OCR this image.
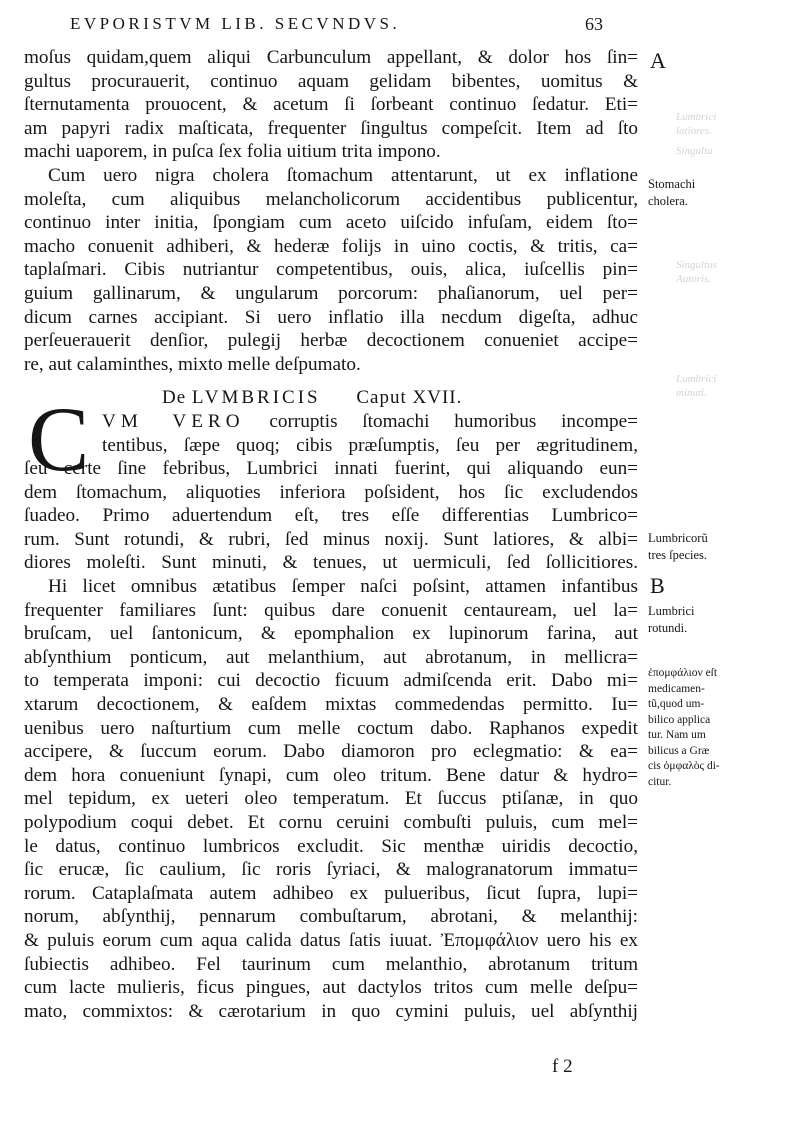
EVPORISTVM LIB. SECVNDVS.	63
A
Lumbrici
latiores.
Singulta
Singultus
Autoris.
Lumbrici
minuti.
Stomachi
cholera.
Lumbricorũ
tres ſpecies.
B
Lumbrici
rotundi.
ἐπομφάλιον eſt
medicamen-
tũ,quod um-
bilico applica
tur. Nam um
bilicus a Græ
cis ὀμφαλὸς di-
citur.
C
moſus quidam,quem aliqui Carbunculum appellant, & dolor hos ſin=
gultus procurauerit, continuo aquam gelidam bibentes, uomitus &
ſternutamenta prouocent, & acetum ſi ſorbeant continuo ſedatur. Eti=
am papyri radix maſticata, frequenter ſingultus compeſcit. Item ad ſto
machi uaporem, in puſca ſex folia uitium trita impono.
Cum uero nigra cholera ſtomachum attentarunt, ut ex inflatione
moleſta, cum aliquibus melancholicorum accidentibus publicentur,
continuo inter initia, ſpongiam cum aceto uiſcido infuſam, eidem ſto=
macho conuenit adhiberi, & hederæ folijs in uino coctis, & tritis, ca=
taplaſmari. Cibis nutriantur competentibus, ouis, alica, iuſcellis pin=
guium gallinarum, & ungularum porcorum: phaſianorum, uel per=
dicum carnes accipiant. Si uero inflatio illa necdum digeſta, adhuc
perſeuerauerit denſior, pulegij herbæ decoctionem conueniet accipe=
re, aut calaminthes, mixto melle deſpumato.
De LVMBRICIS Caput XVII.
VM VERO corruptis ſtomachi humoribus incompe=
tentibus, ſæpe quoq; cibis præſumptis, ſeu per ægritudinem,
ſeu certe ſine febribus, Lumbrici innati fuerint, qui aliquando eun=
dem ſtomachum, aliquoties inferiora poſsident, hos ſic excludendos
ſuadeo. Primo aduertendum eſt, tres eſſe differentias Lumbrico=
rum. Sunt rotundi, & rubri, ſed minus noxij. Sunt latiores, & albi=
diores moleſti. Sunt minuti, & tenues, ut uermiculi, ſed ſollicitiores.
Hi licet omnibus ætatibus ſemper naſci poſsint, attamen infantibus
frequenter familiares ſunt: quibus dare conuenit centauream, uel la=
bruſcam, uel ſantonicum, & epomphalion ex lupinorum farina, aut
abſynthium ponticum, aut melanthium, aut abrotanum, in mellicra=
to temperata imponi: cui decoctio ficuum admiſcenda erit. Dabo mi=
xtarum decoctionem, & eaſdem mixtas commedendas permitto. Iu=
uenibus uero naſturtium cum melle coctum dabo. Raphanos expedit
accipere, & ſuccum eorum. Dabo diamoron pro eclegmatio: & ea=
dem hora conueniunt ſynapi, cum oleo tritum. Bene datur & hydro=
mel tepidum, ex ueteri oleo temperatum. Et ſuccus ptiſanæ, in quo
polypodium coqui debet. Et cornu ceruini combuſti puluis, cum mel=
le datus, continuo lumbricos excludit. Sic menthæ uiridis decoctio,
ſic erucæ, ſic caulium, ſic roris ſyriaci, & malogranatorum immatu=
rorum. Cataplaſmata autem adhibeo ex pulueribus, ſicut ſupra, lupi=
norum, abſynthij, pennarum combuſtarum, abrotani, & melanthij:
& puluis eorum cum aqua calida datus ſatis iuuat. Ἐπομφάλιον uero his ex
ſubiectis adhibeo. Fel taurinum cum melanthio, abrotanum tritum
cum lacte mulieris, ficus pingues, aut dactylos tritos cum melle deſpu=
mato, commixtos: & cærotarium in quo cymini puluis, uel abſynthij
f 2
